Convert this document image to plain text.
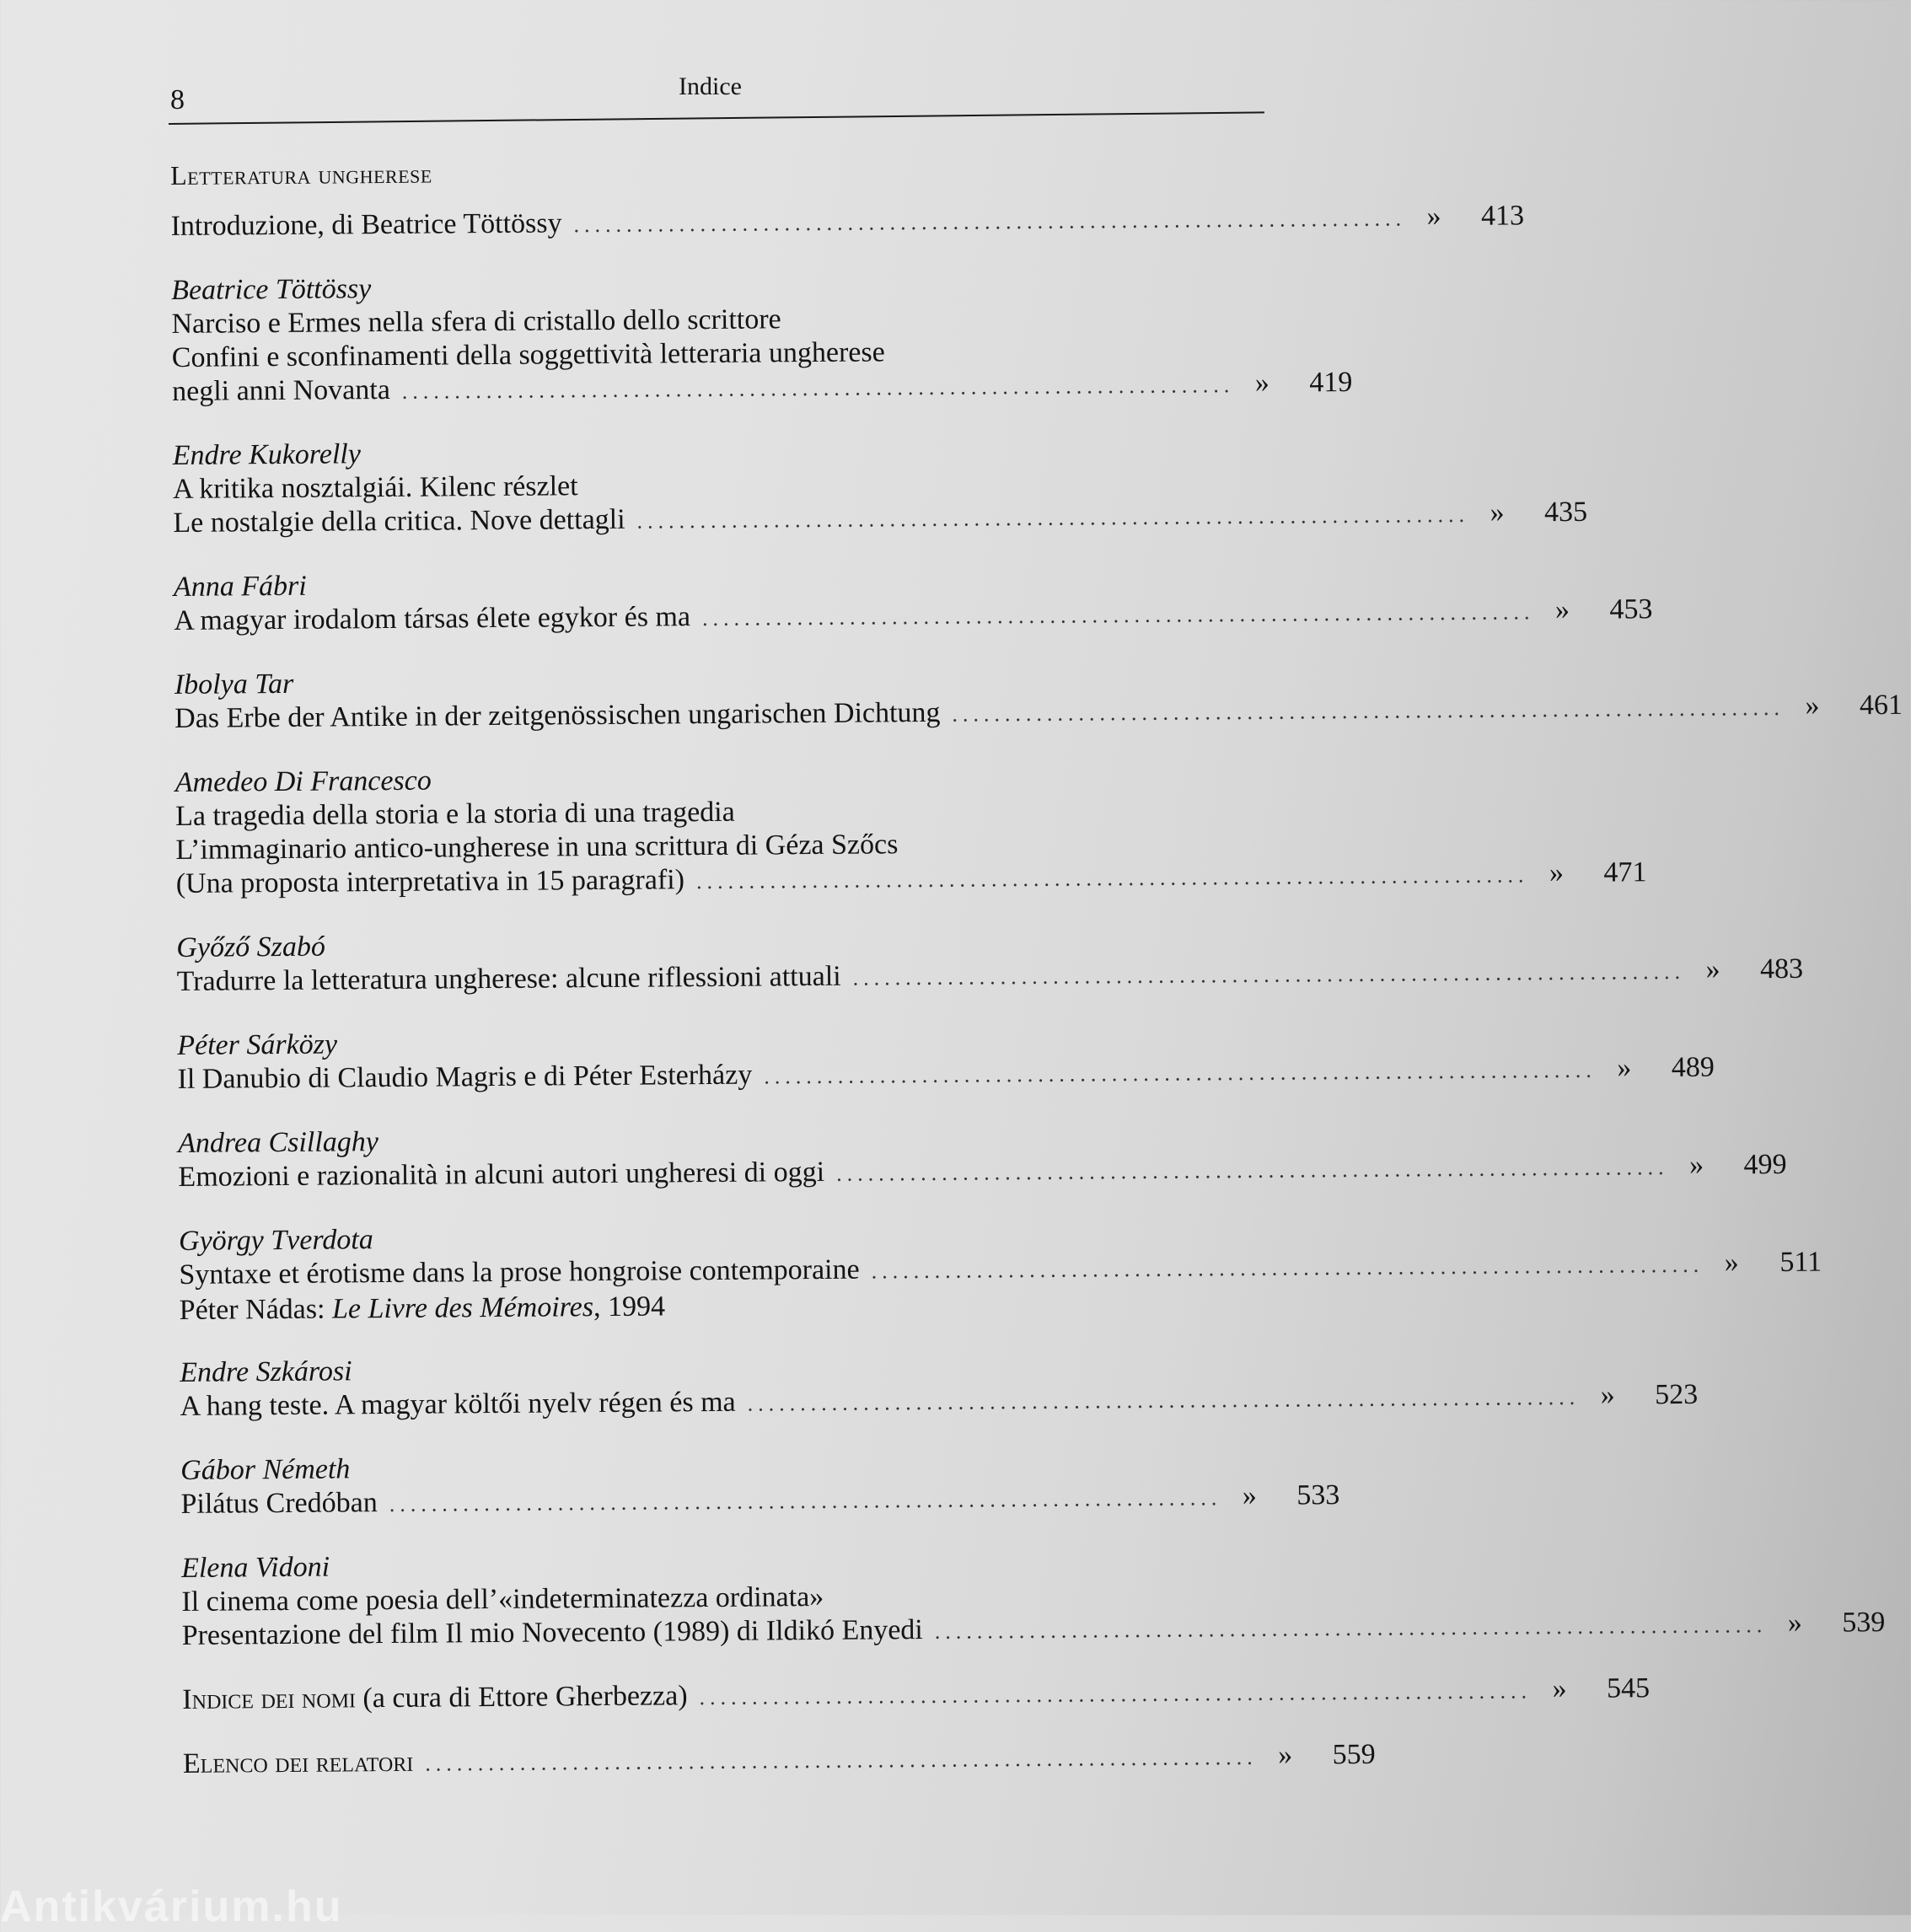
8	Indice
Letteratura ungherese
Introduzione, di Beatrice Töttössy ............................................................................... »	413
Beatrice Töttössy
Narciso e Ermes nella sfera di cristallo dello scrittore
Confini e sconfinamenti della soggettività letteraria ungherese
negli anni Novanta ............................................................................... »	419
Endre Kukorelly
A kritika nosztalgiái. Kilenc részlet
Le nostalgie della critica. Nove dettagli ............................................................................... »	435
Anna Fábri
A magyar irodalom társas élete egykor és ma ............................................................................... »	453
Ibolya Tar
Das Erbe der Antike in der zeitgenössischen ungarischen Dichtung ............................................................................... »	461
Amedeo Di Francesco
La tragedia della storia e la storia di una tragedia
L’immaginario antico-ungherese in una scrittura di Géza Szőcs
(Una proposta interpretativa in 15 paragrafi) ............................................................................... »	471
Győző Szabó
Tradurre la letteratura ungherese: alcune riflessioni attuali ............................................................................... »	483
Péter Sárközy
Il Danubio di Claudio Magris e di Péter Esterházy ............................................................................... »	489
Andrea Csillaghy
Emozioni e razionalità in alcuni autori ungheresi di oggi ............................................................................... »	499
György Tverdota
Syntaxe et érotisme dans la prose hongroise contemporaine ............................................................................... »	511
Péter Nádas: Le Livre des Mémoires, 1994
Endre Szkárosi
A hang teste. A magyar költői nyelv régen és ma ............................................................................... »	523
Gábor Németh
Pilátus Credóban ............................................................................... »	533
Elena Vidoni
Il cinema come poesia dell’«indeterminatezza ordinata»
Presentazione del film Il mio Novecento (1989) di Ildikó Enyedi ............................................................................... »	539
Indice dei nomi (a cura di Ettore Gherbezza) ............................................................................... »	545
Elenco dei relatori ............................................................................... »	559
Antikvárium.hu
